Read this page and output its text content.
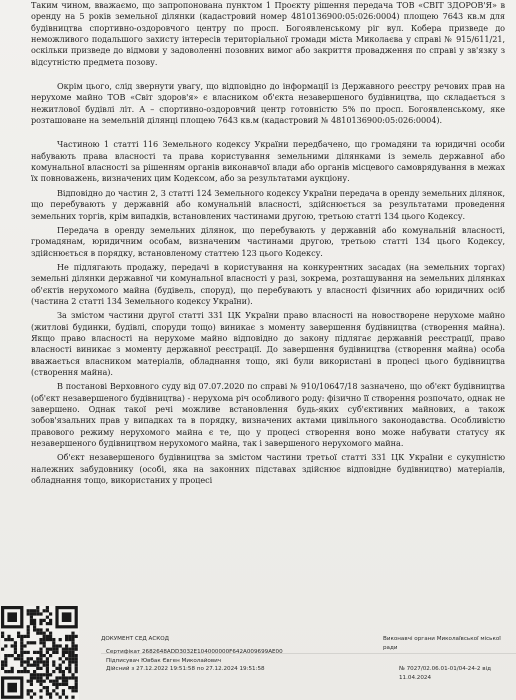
Таким чином, вважаємо, що запропонована пунктом 1 Проєкту рішення передача ТОВ «СВІТ ЗДОРОВ'Я» в оренду на 5 років земельної ділянки (кадастровий номер 4810136900:05:026:0004) площею 7643 кв.м для будівництва спортивно-оздоровчого центру по просп. Богоявленському ріг вул. Кобера призведе до неможливого подальшого захисту інтересів територіальної громади міста Миколаєва у справі № 915/611/21, оскільки призведе до відмови у задоволенні позовних вимог або закриття провадження по справі у зв'язку з відсутністю предмета позову.

Окрім цього, слід звернути увагу, що відповідно до інформації із Державного реєстру речових прав на нерухоме майно ТОВ «Світ здоров'я» є власником об'єкта незавершеного будівництва, що складається з нежитлової будівлі літ. А – спортивно-оздоровчий центр готовністю 5% по просп. Богоявленському, яке розташоване на земельній ділянці площею 7643 кв.м (кадастровий № 4810136900:05:026:0004).

Частиною 1 статті 116 Земельного кодексу України передбачено, що громадяни та юридичні особи набувають права власності та права користування земельними ділянками із земель державної або комунальної власності за рішенням органів виконавчої влади або органів місцевого самоврядування в межах їх повноважень, визначених цим Кодексом, або за результатами аукціону.

Відповідно до частин 2, 3 статті 124 Земельного кодексу України передача в оренду земельних ділянок, що перебувають у державній або комунальній власності, здійснюється за результатами проведення земельних торгів, крім випадків, встановлених частинами другою, третьою статті 134 цього Кодексу.

Передача в оренду земельних ділянок, що перебувають у державній або комунальній власності, громадянам, юридичним особам, визначеним частинами другою, третьою статті 134 цього Кодексу, здійснюється в порядку, встановленому статтею 123 цього Кодексу.

Не підлягають продажу, передачі в користування на конкурентних засадах (на земельних торгах) земельні ділянки державної чи комунальної власності у разі, зокрема, розташування на земельних ділянках об'єктів нерухомого майна (будівель, споруд), що перебувають у власності фізичних або юридичних осіб (частина 2 статті 134 Земельного кодексу України).

За змістом частини другої статті 331 ЦК України право власності на новостворене нерухоме майно (житлові будинки, будівлі, споруди тощо) виникає з моменту завершення будівництва (створення майна). Якщо право власності на нерухоме майно відповідно до закону підлягає державній реєстрації, право власності виникає з моменту державної реєстрації. До завершення будівництва (створення майна) особа вважається власником матеріалів, обладнання тощо, які були використані в процесі цього будівництва (створення майна).

В постанові Верховного суду від 07.07.2020 по справі № 910/10647/18 зазначено, що об'єкт будівництва (об'єкт незавершеного будівництва) - нерухома річ особливого роду: фізично її створення розпочато, однак не завершено. Однак такої речі можливе встановлення будь-яких суб'єктивних майнових, а також зобов'язальних прав у випадках та в порядку, визначених актами цивільного законодавства. Особливістю правового режиму нерухомого майна є те, що у процесі створення воно може набувати статусу як незавершеного будівництвом нерухомого майна, так і завершеного нерухомого майна.

Об'єкт незавершеного будівництва за змістом частини третьої статті 331 ЦК України є сукупністю належних забудовнику (особі, яка на законних підставах здійснює відповідне будівництво) матеріалів, обладнання тощо, використаних у процесі

ДОКУМЕНТ СЕД АСКОД	Виконавчі органи Миколаївської міської ради
Сертифікат 2682648ADD3032E104000000F642A009699AE00
Підписувач Ювбак Євген Миколайович
Дійсний з 27.12.2022 19:51:58 по 27.12.2024 19:51:58	№ 7027/02.06.01-01/04-24-2 від 11.04.2024
